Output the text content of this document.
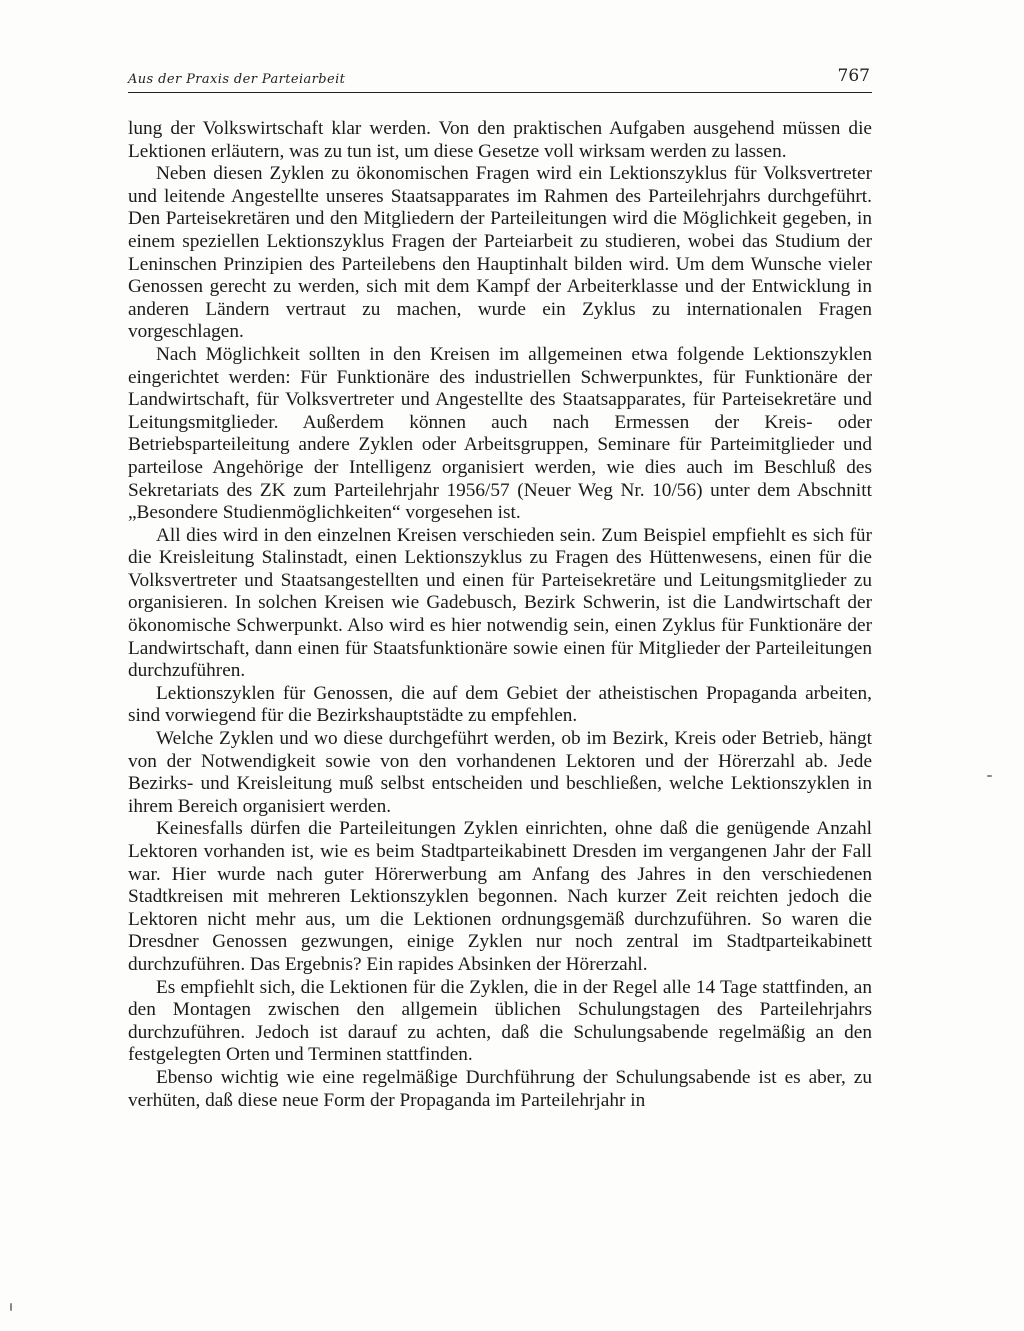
Aus der Praxis der Parteiarbeit	767

lung der Volkswirtschaft klar werden. Von den praktischen Aufgaben ausgehend müssen die Lektionen erläutern, was zu tun ist, um diese Gesetze voll wirksam werden zu lassen.

Neben diesen Zyklen zu ökonomischen Fragen wird ein Lektionszyklus für Volksvertreter und leitende Angestellte unseres Staatsapparates im Rahmen des Parteilehrjahrs durchgeführt. Den Parteisekretären und den Mitgliedern der Parteileitungen wird die Möglichkeit gegeben, in einem speziellen Lektionszyklus Fragen der Parteiarbeit zu studieren, wobei das Studium der Leninschen Prinzipien des Parteilebens den Hauptinhalt bilden wird. Um dem Wunsche vieler Genossen gerecht zu werden, sich mit dem Kampf der Arbeiterklasse und der Entwicklung in anderen Ländern vertraut zu machen, wurde ein Zyklus zu internationalen Fragen vorgeschlagen.

Nach Möglichkeit sollten in den Kreisen im allgemeinen etwa folgende Lektionszyklen eingerichtet werden: Für Funktionäre des industriellen Schwerpunktes, für Funktionäre der Landwirtschaft, für Volksvertreter und Angestellte des Staatsapparates, für Parteisekretäre und Leitungsmitglieder. Außerdem können auch nach Ermessen der Kreis- oder Betriebsparteileitung andere Zyklen oder Arbeitsgruppen, Seminare für Parteimitglieder und parteilose Angehörige der Intelligenz organisiert werden, wie dies auch im Beschluß des Sekretariats des ZK zum Parteilehrjahr 1956/57 (Neuer Weg Nr. 10/56) unter dem Abschnitt „Besondere Studienmöglichkeiten“ vorgesehen ist.

All dies wird in den einzelnen Kreisen verschieden sein. Zum Beispiel empfiehlt es sich für die Kreisleitung Stalinstadt, einen Lektionszyklus zu Fragen des Hüttenwesens, einen für die Volksvertreter und Staatsangestellten und einen für Parteisekretäre und Leitungsmitglieder zu organisieren. In solchen Kreisen wie Gadebusch, Bezirk Schwerin, ist die Landwirtschaft der ökonomische Schwerpunkt. Also wird es hier notwendig sein, einen Zyklus für Funktionäre der Landwirtschaft, dann einen für Staatsfunktionäre sowie einen für Mitglieder der Parteileitungen durchzuführen.

Lektionszyklen für Genossen, die auf dem Gebiet der atheistischen Propaganda arbeiten, sind vorwiegend für die Bezirkshauptstädte zu empfehlen.

Welche Zyklen und wo diese durchgeführt werden, ob im Bezirk, Kreis oder Betrieb, hängt von der Notwendigkeit sowie von den vorhandenen Lektoren und der Hörerzahl ab. Jede Bezirks- und Kreisleitung muß selbst entscheiden und beschließen, welche Lektionszyklen in ihrem Bereich organisiert werden.

Keinesfalls dürfen die Parteileitungen Zyklen einrichten, ohne daß die genügende Anzahl Lektoren vorhanden ist, wie es beim Stadtparteikabinett Dresden im vergangenen Jahr der Fall war. Hier wurde nach guter Hörerwerbung am Anfang des Jahres in den verschiedenen Stadtkreisen mit mehreren Lektionszyklen begonnen. Nach kurzer Zeit reichten jedoch die Lektoren nicht mehr aus, um die Lektionen ordnungsgemäß durchzuführen. So waren die Dresdner Genossen gezwungen, einige Zyklen nur noch zentral im Stadtparteikabinett durchzuführen. Das Ergebnis? Ein rapides Absinken der Hörerzahl.

Es empfiehlt sich, die Lektionen für die Zyklen, die in der Regel alle 14 Tage stattfinden, an den Montagen zwischen den allgemein üblichen Schulungstagen des Parteilehrjahrs durchzuführen. Jedoch ist darauf zu achten, daß die Schulungsabende regelmäßig an den festgelegten Orten und Terminen stattfinden.

Ebenso wichtig wie eine regelmäßige Durchführung der Schulungsabende ist es aber, zu verhüten, daß diese neue Form der Propaganda im Parteilehrjahr in
